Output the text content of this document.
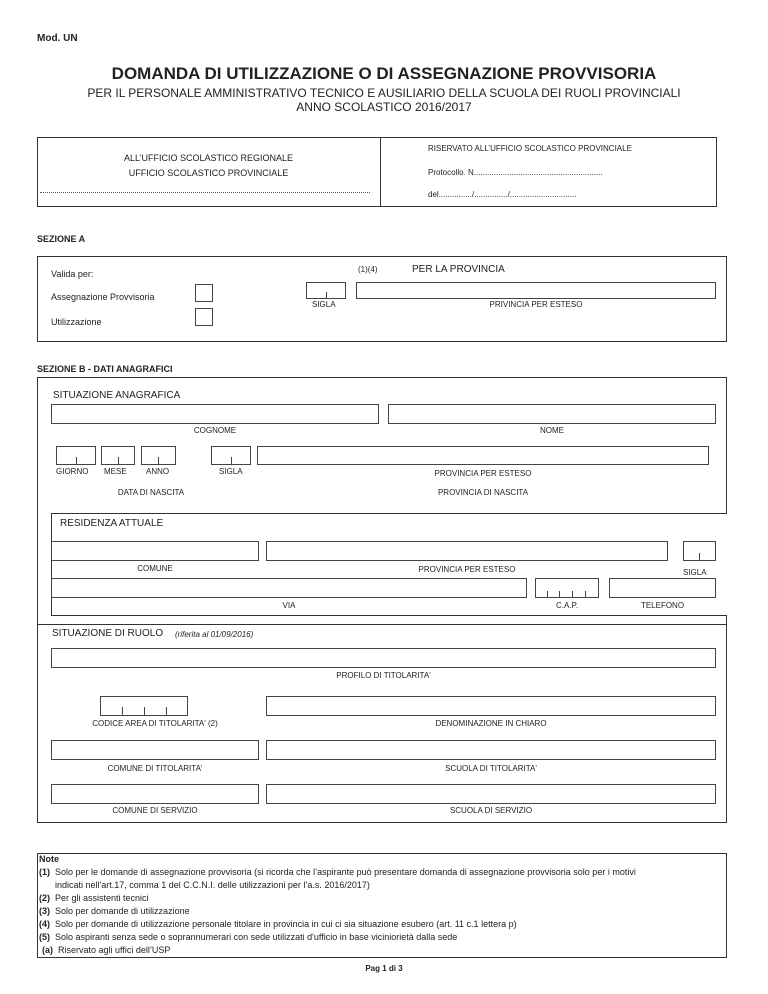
Mod. UN
DOMANDA DI UTILIZZAZIONE O DI ASSEGNAZIONE PROVVISORIA
PER IL PERSONALE AMMINISTRATIVO TECNICO E AUSILIARIO DELLA SCUOLA DEI RUOLI PROVINCIALI
ANNO SCOLASTICO 2016/2017
ALL’UFFICIO SCOLASTICO REGIONALE
UFFICIO SCOLASTICO PROVINCIALE
RISERVATO ALL’UFFICIO SCOLASTICO PROVINCIALE
Protocollo. N..........................................................
del.............../.............../..............................
SEZIONE A
Valida per:	(1)(4)	PER LA PROVINCIA
Assegnazione Provvisoria
Utilizzazione
SIGLA	PRIVINCIA PER ESTESO
SEZIONE B - DATI ANAGRAFICI
SITUAZIONE ANAGRAFICA
COGNOME	NOME
GIORNO MESE ANNO	SIGLA	PROVINCIA PER ESTESO
DATA DI NASCITA	PROVINCIA DI NASCITA
RESIDENZA ATTUALE
COMUNE	PROVINCIA PER ESTESO	SIGLA
VIA	C.A.P.	TELEFONO
SITUAZIONE DI RUOLO (riferita al 01/09/2016)
PROFILO DI TITOLARITA'
CODICE AREA DI TITOLARITA' (2)	DENOMINAZIONE IN CHIARO
COMUNE DI TITOLARITA'	SCUOLA DI TITOLARITA'
COMUNE DI SERVIZIO	SCUOLA DI SERVIZIO
Note
(1) Solo per le domande di assegnazione provvisoria (si ricorda che l’aspirante può presentare domanda di assegnazione provvisoria solo per i motivi
indicati nell'art.17, comma 1 del C.C.N.I. delle utilizzazioni per l’a.s. 2016/2017)
(2) Per gli assistenti tecnici
(3) Solo per domande di utilizzazione
(4) Solo per domande di utilizzazione personale titolare in provincia in cui ci sia situazione esubero (art. 11 c.1 lettera p)
(5) Solo aspiranti senza sede o soprannumerari con sede utilizzati d'ufficio in base viciniorietà dalla sede
(a) Riservato agli uffici dell’USP
Pag 1 di 3
